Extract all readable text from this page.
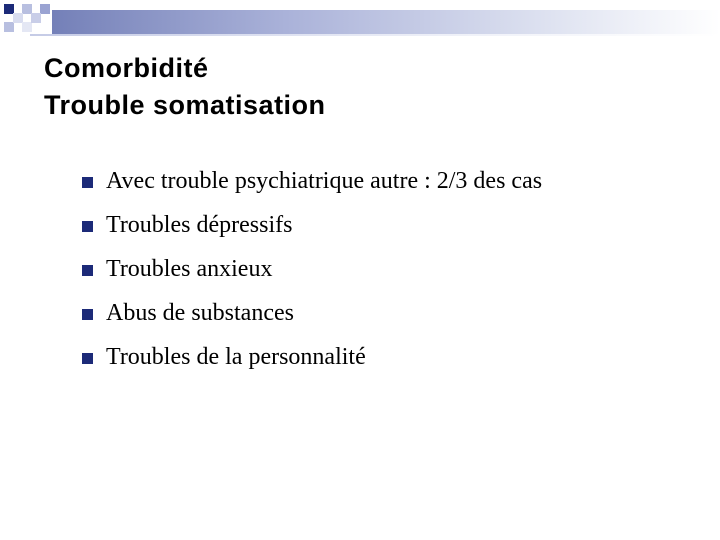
Comorbidité
Trouble somatisation
Avec trouble psychiatrique autre : 2/3 des cas
Troubles dépressifs
Troubles anxieux
Abus de substances
Troubles de la personnalité
